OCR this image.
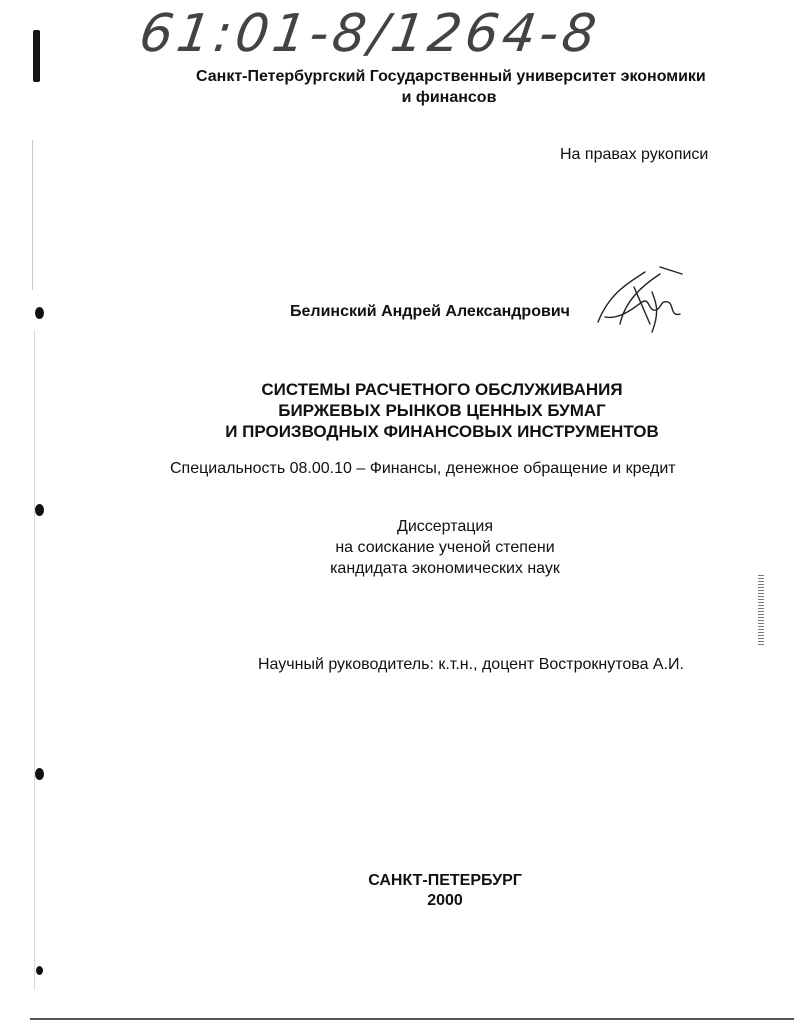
61:01-8/1264-8
Санкт-Петербургский Государственный университет экономики
и финансов
На правах рукописи
Белинский Андрей Александрович
СИСТЕМЫ РАСЧЕТНОГО ОБСЛУЖИВАНИЯ
БИРЖЕВЫХ РЫНКОВ ЦЕННЫХ БУМАГ
И ПРОИЗВОДНЫХ ФИНАНСОВЫХ ИНСТРУМЕНТОВ
Специальность 08.00.10 – Финансы, денежное обращение и кредит
Диссертация
на соискание ученой степени
кандидата экономических наук
Научный руководитель: к.т.н., доцент Вострокнутова А.И.
САНКТ-ПЕТЕРБУРГ
2000
